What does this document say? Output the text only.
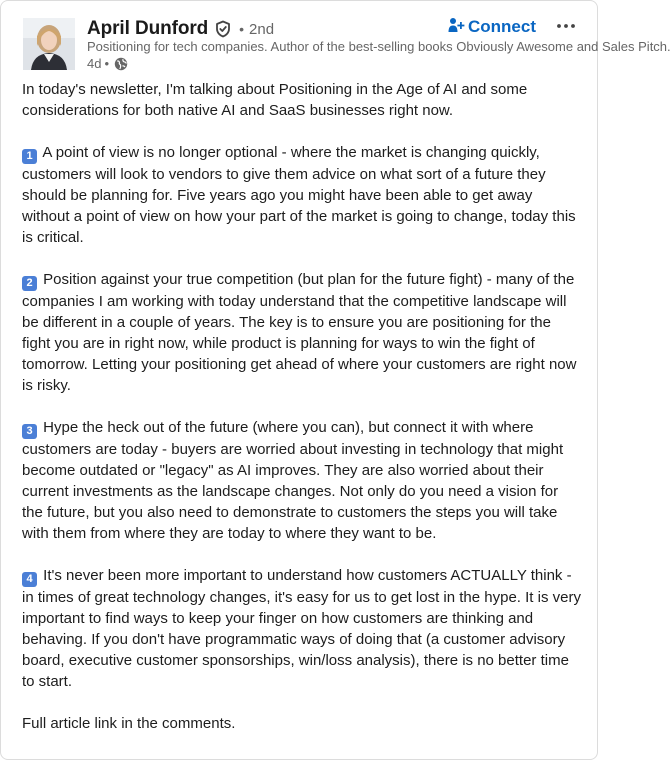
April Dunford • 2nd
Positioning for tech companies. Author of the best-selling books Obviously Awesome and Sales Pitch.
4d •
Connect

In today's newsletter, I'm talking about Positioning in the Age of AI and some considerations for both native AI and SaaS businesses right now.

1 A point of view is no longer optional - where the market is changing quickly, customers will look to vendors to give them advice on what sort of a future they should be planning for. Five years ago you might have been able to get away without a point of view on how your part of the market is going to change, today this is critical.

2 Position against your true competition (but plan for the future fight) - many of the companies I am working with today understand that the competitive landscape will be different in a couple of years. The key is to ensure you are positioning for the fight you are in right now, while product is planning for ways to win the fight of tomorrow. Letting your positioning get ahead of where your customers are right now is risky.

3 Hype the heck out of the future (where you can), but connect it with where customers are today - buyers are worried about investing in technology that might become outdated or "legacy" as AI improves. They are also worried about their current investments as the landscape changes. Not only do you need a vision for the future, but you also need to demonstrate to customers the steps you will take with them from where they are today to where they want to be.

4 It's never been more important to understand how customers ACTUALLY think - in times of great technology changes, it's easy for us to get lost in the hype. It is very important to find ways to keep your finger on how customers are thinking and behaving. If you don't have programmatic ways of doing that (a customer advisory board, executive customer sponsorships, win/loss analysis), there is no better time to start.

Full article link in the comments.
